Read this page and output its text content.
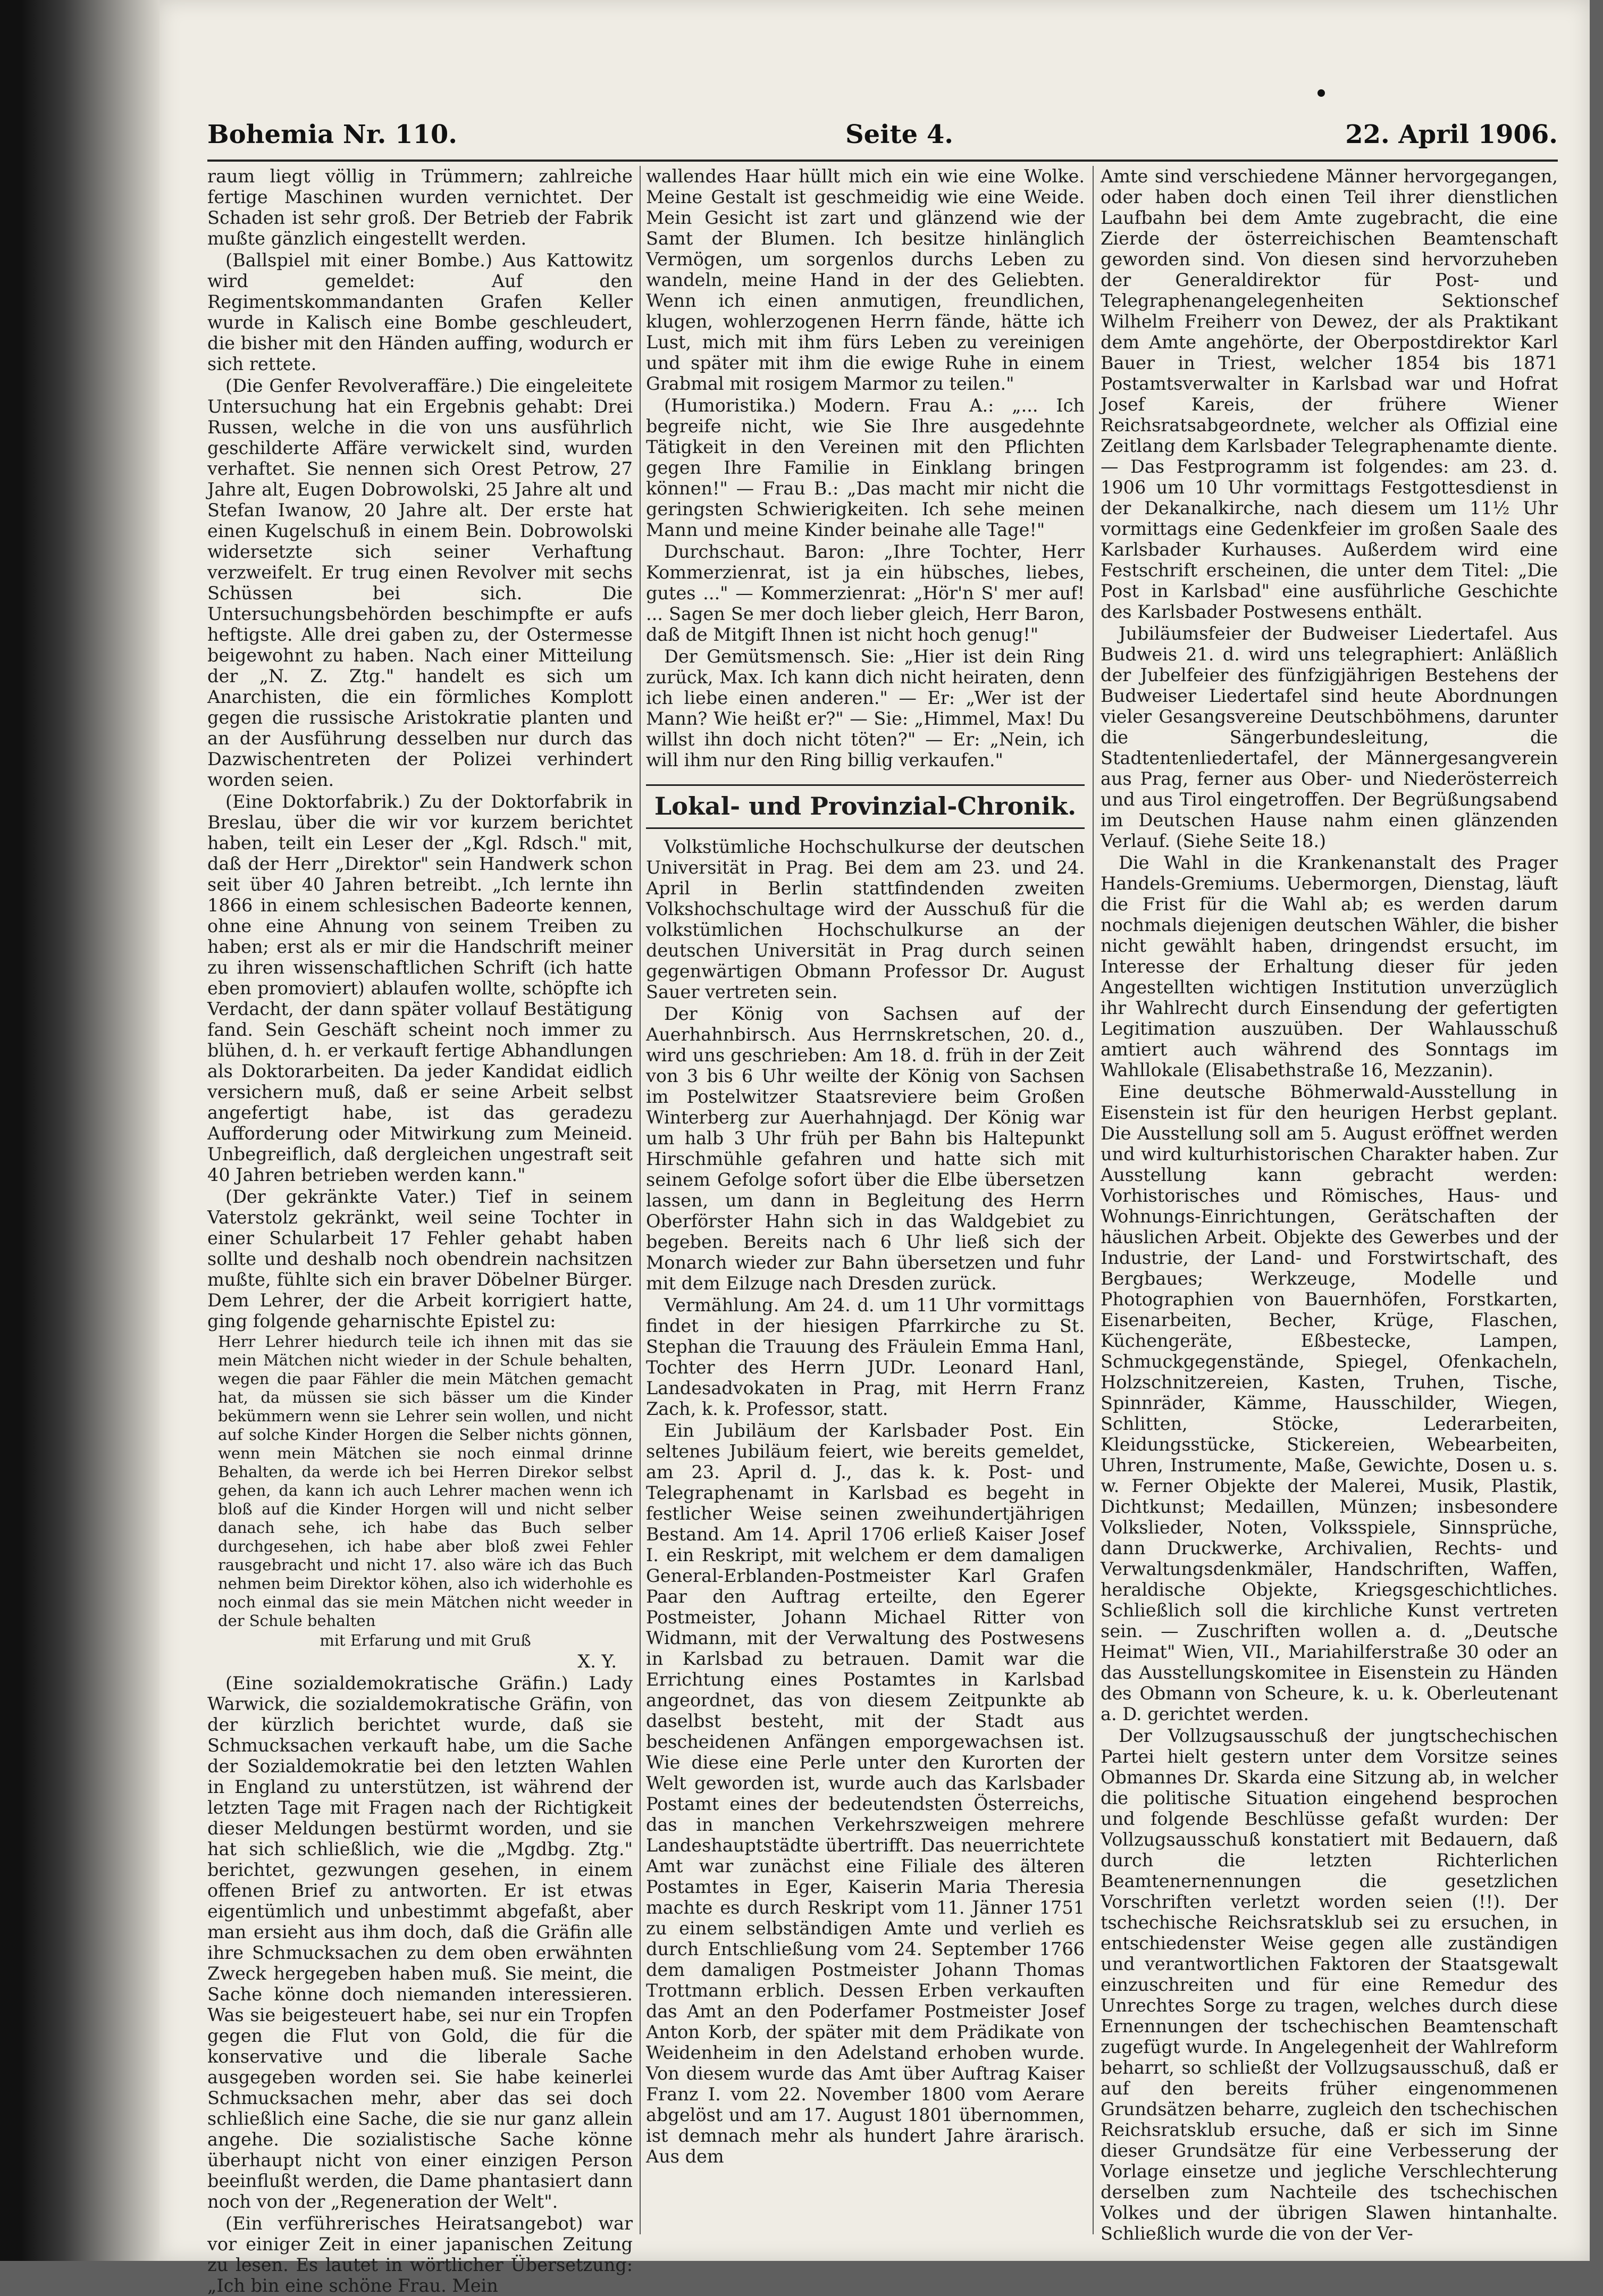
Bohemia Nr. 110.	Seite 4.	22. April 1906.

raum liegt völlig in Trümmern; zahlreiche fertige Maschinen wurden vernichtet. Der Schaden ist sehr groß. Der Betrieb der Fabrik mußte gänzlich eingestellt werden.

(Ballspiel mit einer Bombe.) Aus Kattowitz wird gemeldet: Auf den Regimentskommandanten Grafen Keller wurde in Kalisch eine Bombe geschleudert, die bisher mit den Händen auffing, wodurch er sich rettete.

(Die Genfer Revolveraffäre.) Die eingeleitete Untersuchung hat ein Ergebnis gehabt: Drei Russen, welche in die von uns ausführlich geschilderte Affäre verwickelt sind, wurden verhaftet. Sie nennen sich Orest Petrow, 27 Jahre alt, Eugen Dobrowolski, 25 Jahre alt und Stefan Iwanow, 20 Jahre alt. Der erste hat einen Kugelschuß in einem Bein. Dobrowolski widersetzte sich seiner Verhaftung verzweifelt. Er trug einen Revolver mit sechs Schüssen bei sich. Die Untersuchungsbehörden beschimpfte er aufs heftigste. Alle drei gaben zu, der Ostermesse beigewohnt zu haben. Nach einer Mitteilung der „N. Z. Ztg." handelt es sich um Anarchisten, die ein förmliches Komplott gegen die russische Aristokratie planten und an der Ausführung desselben nur durch das Dazwischentreten der Polizei verhindert worden seien.

(Eine Doktorfabrik.) Zu der Doktorfabrik in Breslau, über die wir vor kurzem berichtet haben, teilt ein Leser der „Kgl. Rdsch." mit, daß der Herr „Direktor" sein Handwerk schon seit über 40 Jahren betreibt. „Ich lernte ihn 1866 in einem schlesischen Badeorte kennen, ohne eine Ahnung von seinem Treiben zu haben; erst als er mir die Handschrift meiner zu ihren wissenschaftlichen Schrift (ich hatte eben promoviert) ablaufen wollte, schöpfte ich Verdacht, der dann später vollauf Bestätigung fand. Sein Geschäft scheint noch immer zu blühen, d. h. er verkauft fertige Abhandlungen als Doktorarbeiten. Da jeder Kandidat eidlich versichern muß, daß er seine Arbeit selbst angefertigt habe, ist das geradezu Aufforderung oder Mitwirkung zum Meineid. Unbegreiflich, daß dergleichen ungestraft seit 40 Jahren betrieben werden kann."

(Der gekränkte Vater.) Tief in seinem Vaterstolz gekränkt, weil seine Tochter in einer Schularbeit 17 Fehler gehabt haben sollte und deshalb noch obendrein nachsitzen mußte, fühlte sich ein braver Döbelner Bürger. Dem Lehrer, der die Arbeit korrigiert hatte, ging folgende geharnischte Epistel zu:

Herr Lehrer hiedurch teile ich ihnen mit das sie mein Mätchen nicht wieder in der Schule behalten, wegen die paar Fähler die mein Mätchen gemacht hat, da müssen sie sich bässer um die Kinder bekümmern wenn sie Lehrer sein wollen, und nicht auf solche Kinder Horgen die Selber nichts gönnen, wenn mein Mätchen sie noch einmal drinne Behalten, da werde ich bei Herren Direkor selbst gehen, da kann ich auch Lehrer machen wenn ich bloß auf die Kinder Horgen will und nicht selber danach sehe, ich habe das Buch selber durchgesehen, ich habe aber bloß zwei Fehler rausgebracht und nicht 17. also wäre ich das Buch nehmen beim Direktor köhen, also ich widerhohle es noch einmal das sie mein Mätchen nicht weeder in der Schule behalten

mit Erfarung und mit Gruß

X. Y.

(Eine sozialdemokratische Gräfin.) Lady Warwick, die sozialdemokratische Gräfin, von der kürzlich berichtet wurde, daß sie Schmucksachen verkauft habe, um die Sache der Sozialdemokratie bei den letzten Wahlen in England zu unterstützen, ist während der letzten Tage mit Fragen nach der Richtigkeit dieser Meldungen bestürmt worden, und sie hat sich schließlich, wie die „Mgdbg. Ztg." berichtet, gezwungen gesehen, in einem offenen Brief zu antworten. Er ist etwas eigentümlich und unbestimmt abgefaßt, aber man ersieht aus ihm doch, daß die Gräfin alle ihre Schmucksachen zu dem oben erwähnten Zweck hergegeben haben muß. Sie meint, die Sache könne doch niemanden interessieren. Was sie beigesteuert habe, sei nur ein Tropfen gegen die Flut von Gold, die für die konservative und die liberale Sache ausgegeben worden sei. Sie habe keinerlei Schmucksachen mehr, aber das sei doch schließlich eine Sache, die sie nur ganz allein angehe. Die sozialistische Sache könne überhaupt nicht von einer einzigen Person beeinflußt werden, die Dame phantasiert dann noch von der „Regeneration der Welt".

(Ein verführerisches Heiratsangebot) war vor einiger Zeit in einer japanischen Zeitung zu lesen. Es lautet in wörtlicher Übersetzung: „Ich bin eine schöne Frau. Mein

wallendes Haar hüllt mich ein wie eine Wolke. Meine Gestalt ist geschmeidig wie eine Weide. Mein Gesicht ist zart und glänzend wie der Samt der Blumen. Ich besitze hinlänglich Vermögen, um sorgenlos durchs Leben zu wandeln, meine Hand in der des Geliebten. Wenn ich einen anmutigen, freundlichen, klugen, wohlerzogenen Herrn fände, hätte ich Lust, mich mit ihm fürs Leben zu vereinigen und später mit ihm die ewige Ruhe in einem Grabmal mit rosigem Marmor zu teilen."

(Humoristika.) Modern. Frau A.: „... Ich begreife nicht, wie Sie Ihre ausgedehnte Tätigkeit in den Vereinen mit den Pflichten gegen Ihre Familie in Einklang bringen können!" — Frau B.: „Das macht mir nicht die geringsten Schwierigkeiten. Ich sehe meinen Mann und meine Kinder beinahe alle Tage!"

Durchschaut. Baron: „Ihre Tochter, Herr Kommerzienrat, ist ja ein hübsches, liebes, gutes ..." — Kommerzienrat: „Hör'n S' mer auf! ... Sagen Se mer doch lieber gleich, Herr Baron, daß de Mitgift Ihnen ist nicht hoch genug!"

Der Gemütsmensch. Sie: „Hier ist dein Ring zurück, Max. Ich kann dich nicht heiraten, denn ich liebe einen anderen." — Er: „Wer ist der Mann? Wie heißt er?" — Sie: „Himmel, Max! Du willst ihn doch nicht töten?" — Er: „Nein, ich will ihm nur den Ring billig verkaufen."

Lokal- und Provinzial-Chronik.

Volkstümliche Hochschulkurse der deutschen Universität in Prag. Bei dem am 23. und 24. April in Berlin stattfindenden zweiten Volkshochschultage wird der Ausschuß für die volkstümlichen Hochschulkurse an der deutschen Universität in Prag durch seinen gegenwärtigen Obmann Professor Dr. August Sauer vertreten sein.

Der König von Sachsen auf der Auerhahnbirsch. Aus Herrnskretschen, 20. d., wird uns geschrieben: Am 18. d. früh in der Zeit von 3 bis 6 Uhr weilte der König von Sachsen im Postelwitzer Staatsreviere beim Großen Winterberg zur Auerhahnjagd. Der König war um halb 3 Uhr früh per Bahn bis Haltepunkt Hirschmühle gefahren und hatte sich mit seinem Gefolge sofort über die Elbe übersetzen lassen, um dann in Begleitung des Herrn Oberförster Hahn sich in das Waldgebiet zu begeben. Bereits nach 6 Uhr ließ sich der Monarch wieder zur Bahn übersetzen und fuhr mit dem Eilzuge nach Dresden zurück.

Vermählung. Am 24. d. um 11 Uhr vormittags findet in der hiesigen Pfarrkirche zu St. Stephan die Trauung des Fräulein Emma Hanl, Tochter des Herrn JUDr. Leonard Hanl, Landesadvokaten in Prag, mit Herrn Franz Zach, k. k. Professor, statt.

Ein Jubiläum der Karlsbader Post. Ein seltenes Jubiläum feiert, wie bereits gemeldet, am 23. April d. J., das k. k. Post- und Telegraphenamt in Karlsbad es begeht in festlicher Weise seinen zweihundertjährigen Bestand. Am 14. April 1706 erließ Kaiser Josef I. ein Reskript, mit welchem er dem damaligen General-Erblanden-Postmeister Karl Grafen Paar den Auftrag erteilte, den Egerer Postmeister, Johann Michael Ritter von Widmann, mit der Verwaltung des Postwesens in Karlsbad zu betrauen. Damit war die Errichtung eines Postamtes in Karlsbad angeordnet, das von diesem Zeitpunkte ab daselbst besteht, mit der Stadt aus bescheidenen Anfängen emporgewachsen ist. Wie diese eine Perle unter den Kurorten der Welt geworden ist, wurde auch das Karlsbader Postamt eines der bedeutendsten Österreichs, das in manchen Verkehrszweigen mehrere Landeshauptstädte übertrifft. Das neuerrichtete Amt war zunächst eine Filiale des älteren Postamtes in Eger, Kaiserin Maria Theresia machte es durch Reskript vom 11. Jänner 1751 zu einem selbständigen Amte und verlieh es durch Entschließung vom 24. September 1766 dem damaligen Postmeister Johann Thomas Trottmann erblich. Dessen Erben verkauften das Amt an den Poderfamer Postmeister Josef Anton Korb, der später mit dem Prädikate von Weidenheim in den Adelstand erhoben wurde. Von diesem wurde das Amt über Auftrag Kaiser Franz I. vom 22. November 1800 vom Aerare abgelöst und am 17. August 1801 übernommen, ist demnach mehr als hundert Jahre ärarisch. Aus dem

Amte sind verschiedene Männer hervorgegangen, oder haben doch einen Teil ihrer dienstlichen Laufbahn bei dem Amte zugebracht, die eine Zierde der österreichischen Beamtenschaft geworden sind. Von diesen sind hervorzuheben der Generaldirektor für Post- und Telegraphenangelegenheiten Sektionschef Wilhelm Freiherr von Dewez, der als Praktikant dem Amte angehörte, der Oberpostdirektor Karl Bauer in Triest, welcher 1854 bis 1871 Postamtsverwalter in Karlsbad war und Hofrat Josef Kareis, der frühere Wiener Reichsratsabgeordnete, welcher als Offizial eine Zeitlang dem Karlsbader Telegraphenamte diente. — Das Festprogramm ist folgendes: am 23. d. 1906 um 10 Uhr vormittags Festgottesdienst in der Dekanalkirche, nach diesem um 11½ Uhr vormittags eine Gedenkfeier im großen Saale des Karlsbader Kurhauses. Außerdem wird eine Festschrift erscheinen, die unter dem Titel: „Die Post in Karlsbad" eine ausführliche Geschichte des Karlsbader Postwesens enthält.

Jubiläumsfeier der Budweiser Liedertafel. Aus Budweis 21. d. wird uns telegraphiert: Anläßlich der Jubelfeier des fünfzigjährigen Bestehens der Budweiser Liedertafel sind heute Abordnungen vieler Gesangsvereine Deutschböhmens, darunter die Sängerbundesleitung, die Stadtentenliedertafel, der Männergesangverein aus Prag, ferner aus Ober- und Niederösterreich und aus Tirol eingetroffen. Der Begrüßungsabend im Deutschen Hause nahm einen glänzenden Verlauf. (Siehe Seite 18.)

Die Wahl in die Krankenanstalt des Prager Handels-Gremiums. Uebermorgen, Dienstag, läuft die Frist für die Wahl ab; es werden darum nochmals diejenigen deutschen Wähler, die bisher nicht gewählt haben, dringendst ersucht, im Interesse der Erhaltung dieser für jeden Angestellten wichtigen Institution unverzüglich ihr Wahlrecht durch Einsendung der gefertigten Legitimation auszuüben. Der Wahlausschuß amtiert auch während des Sonntags im Wahllokale (Elisabethstraße 16, Mezzanin).

Eine deutsche Böhmerwald-Ausstellung in Eisenstein ist für den heurigen Herbst geplant. Die Ausstellung soll am 5. August eröffnet werden und wird kulturhistorischen Charakter haben. Zur Ausstellung kann gebracht werden: Vorhistorisches und Römisches, Haus- und Wohnungs-Einrichtungen, Gerätschaften der häuslichen Arbeit. Objekte des Gewerbes und der Industrie, der Land- und Forstwirtschaft, des Bergbaues; Werkzeuge, Modelle und Photographien von Bauernhöfen, Forstkarten, Eisenarbeiten, Becher, Krüge, Flaschen, Küchengeräte, Eßbestecke, Lampen, Schmuckgegenstände, Spiegel, Ofenkacheln, Holzschnitzereien, Kasten, Truhen, Tische, Spinnräder, Kämme, Hausschilder, Wiegen, Schlitten, Stöcke, Lederarbeiten, Kleidungsstücke, Stickereien, Webearbeiten, Uhren, Instrumente, Maße, Gewichte, Dosen u. s. w. Ferner Objekte der Malerei, Musik, Plastik, Dichtkunst; Medaillen, Münzen; insbesondere Volkslieder, Noten, Volksspiele, Sinnsprüche, dann Druckwerke, Archivalien, Rechts- und Verwaltungsdenkmäler, Handschriften, Waffen, heraldische Objekte, Kriegsgeschichtliches. Schließlich soll die kirchliche Kunst vertreten sein. — Zuschriften wollen a. d. „Deutsche Heimat" Wien, VII., Mariahilferstraße 30 oder an das Ausstellungskomitee in Eisenstein zu Händen des Obmann von Scheure, k. u. k. Oberleutenant a. D. gerichtet werden.

Der Vollzugsausschuß der jungtschechischen Partei hielt gestern unter dem Vorsitze seines Obmannes Dr. Skarda eine Sitzung ab, in welcher die politische Situation eingehend besprochen und folgende Beschlüsse gefaßt wurden: Der Vollzugsausschuß konstatiert mit Bedauern, daß durch die letzten Richterlichen Beamtenernennungen die gesetzlichen Vorschriften verletzt worden seien (!!). Der tschechische Reichsratsklub sei zu ersuchen, in entschiedenster Weise gegen alle zuständigen und verantwortlichen Faktoren der Staatsgewalt einzuschreiten und für eine Remedur des Unrechtes Sorge zu tragen, welches durch diese Ernennungen der tschechischen Beamtenschaft zugefügt wurde. In Angelegenheit der Wahlreform beharrt, so schließt der Vollzugsausschuß, daß er auf den bereits früher eingenommenen Grundsätzen beharre, zugleich den tschechischen Reichsratsklub ersuche, daß er sich im Sinne dieser Grundsätze für eine Verbesserung der Vorlage einsetze und jegliche Verschlechterung derselben zum Nachteile des tschechischen Volkes und der übrigen Slawen hintanhalte. Schließlich wurde die von der Ver-
